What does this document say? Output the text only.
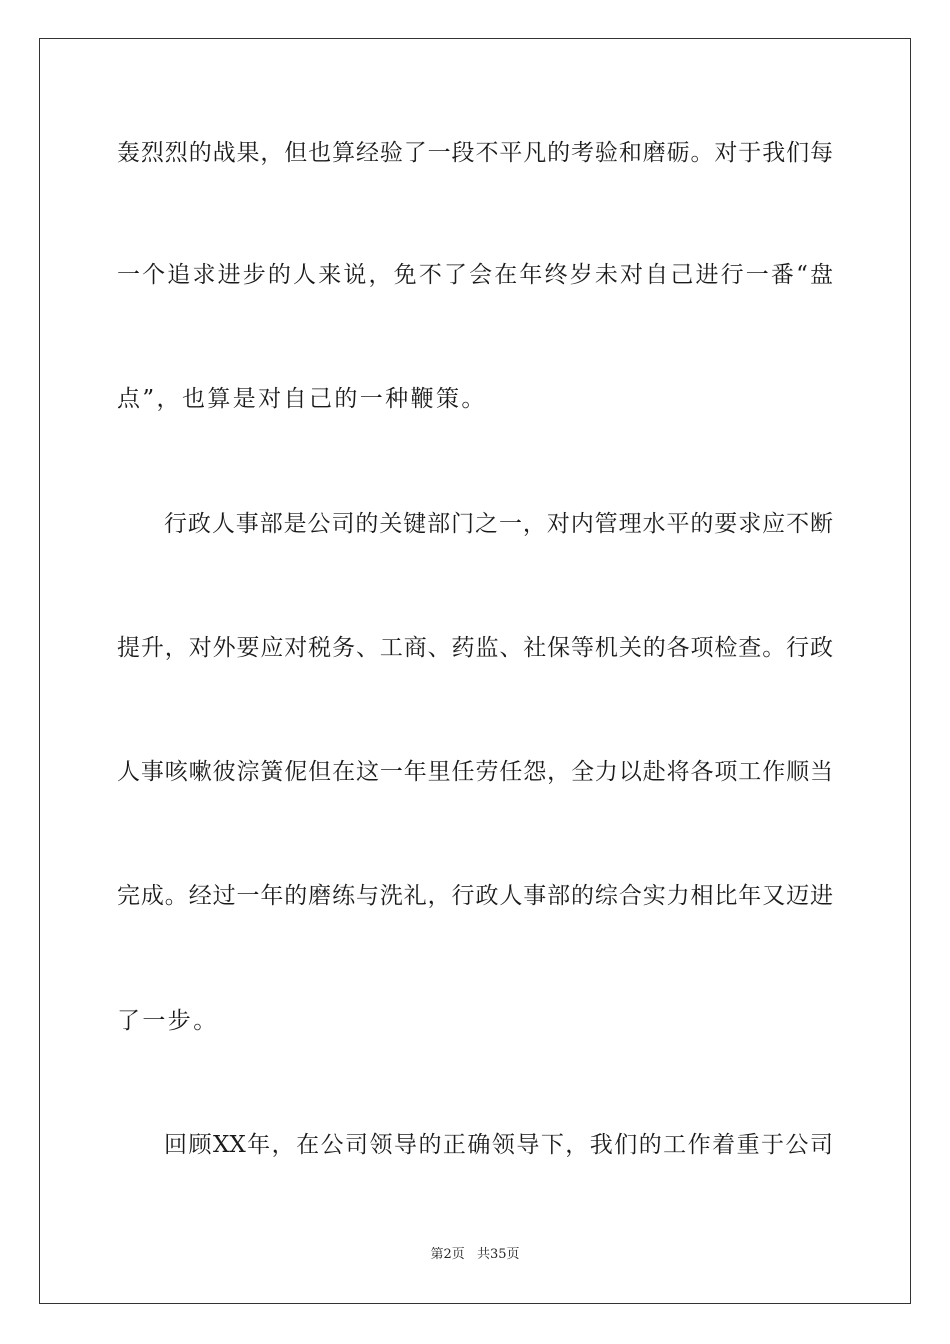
轰烈烈的战果，但也算经验了一段不平凡的考验和磨砺。对于我们每
一个追求进步的人来说，免不了会在年终岁未对自己进行一番“盘
点”，也算是对自己的一种鞭策。
行政人事部是公司的关键部门之一，对内管理水平的要求应不断
提升，对外要应对税务、工商、药监、社保等机关的各项检查。行政
人事咳嗽彼淙簧伲但在这一年里任劳任怨，全力以赴将各项工作顺当
完成。经过一年的磨练与洗礼，行政人事部的综合实力相比年又迈进
了一步。
回顾XX年，在公司领导的正确领导下，我们的工作着重于公司
第2页 共35页
